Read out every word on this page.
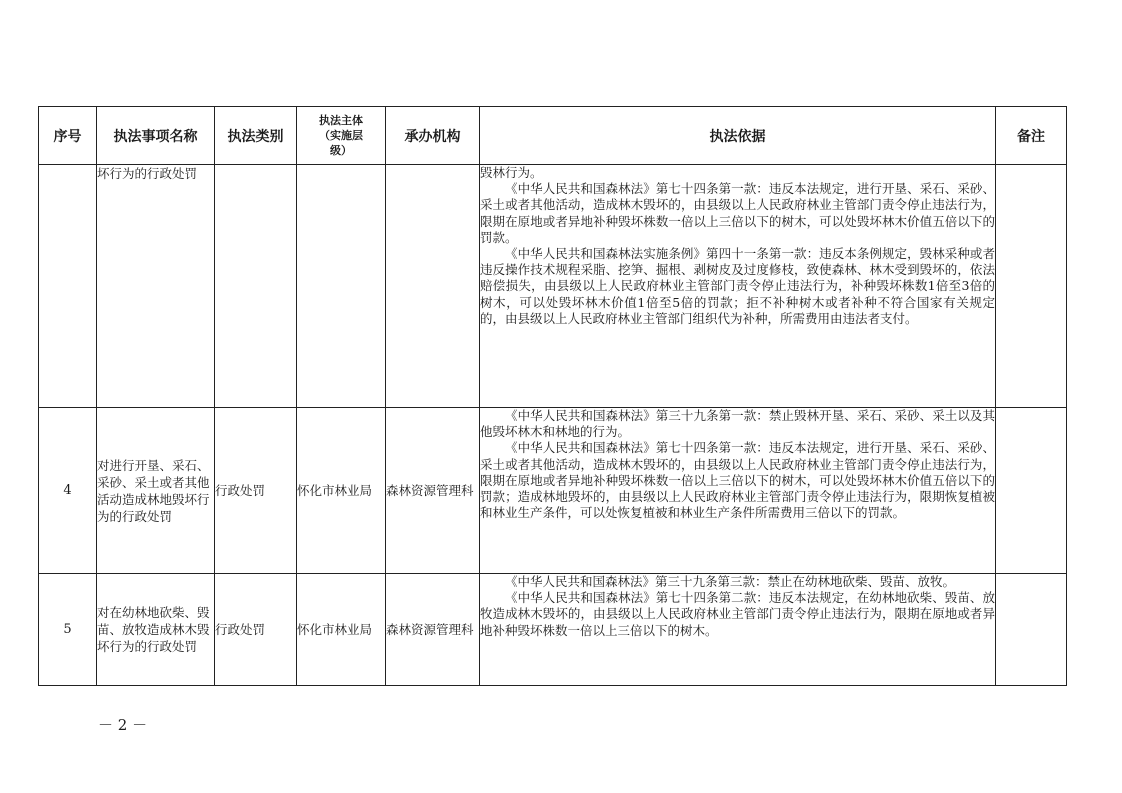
序号	执法事项名称	执法类别	执法主体
（实施层
级）	承办机构	执法依据	备注
	坏行为的行政处罚				毁林行为。

《中华人民共和国森林法》第七十四条第一款：违反本法规定，进行开垦、采石、采砂、采土或者其他活动，造成林木毁坏的，由县级以上人民政府林业主管部门责令停止违法行为，限期在原地或者异地补种毁坏株数一倍以上三倍以下的树木，可以处毁坏林木价值五倍以下的罚款。

《中华人民共和国森林法实施条例》第四十一条第一款：违反本条例规定，毁林采种或者违反操作技术规程采脂、挖笋、掘根、剥树皮及过度修枝，致使森林、林木受到毁坏的，依法赔偿损失，由县级以上人民政府林业主管部门责令停止违法行为，补种毁坏株数1倍至3倍的树木，可以处毁坏林木价值1倍至5倍的罚款；拒不补种树木或者补种不符合国家有关规定的，由县级以上人民政府林业主管部门组织代为补种，所需费用由违法者支付。	

4	对进行开垦、采石、采砂、采土或者其他活动造成林地毁坏行为的行政处罚	行政处罚	怀化市林业局	森林资源管理科	《中华人民共和国森林法》第三十九条第一款：禁止毁林开垦、采石、采砂、采土以及其他毁坏林木和林地的行为。

《中华人民共和国森林法》第七十四条第一款：违反本法规定，进行开垦、采石、采砂、采土或者其他活动，造成林木毁坏的，由县级以上人民政府林业主管部门责令停止违法行为，限期在原地或者异地补种毁坏株数一倍以上三倍以下的树木，可以处毁坏林木价值五倍以下的罚款；造成林地毁坏的，由县级以上人民政府林业主管部门责令停止违法行为，限期恢复植被和林业生产条件，可以处恢复植被和林业生产条件所需费用三倍以下的罚款。	

5	对在幼林地砍柴、毁苗、放牧造成林木毁坏行为的行政处罚	行政处罚	怀化市林业局	森林资源管理科	《中华人民共和国森林法》第三十九条第三款：禁止在幼林地砍柴、毁苗、放牧。

《中华人民共和国森林法》第七十四条第二款：违反本法规定，在幼林地砍柴、毁苗、放牧造成林木毁坏的，由县级以上人民政府林业主管部门责令停止违法行为，限期在原地或者异地补种毁坏株数一倍以上三倍以下的树木。	

－ 2 －
